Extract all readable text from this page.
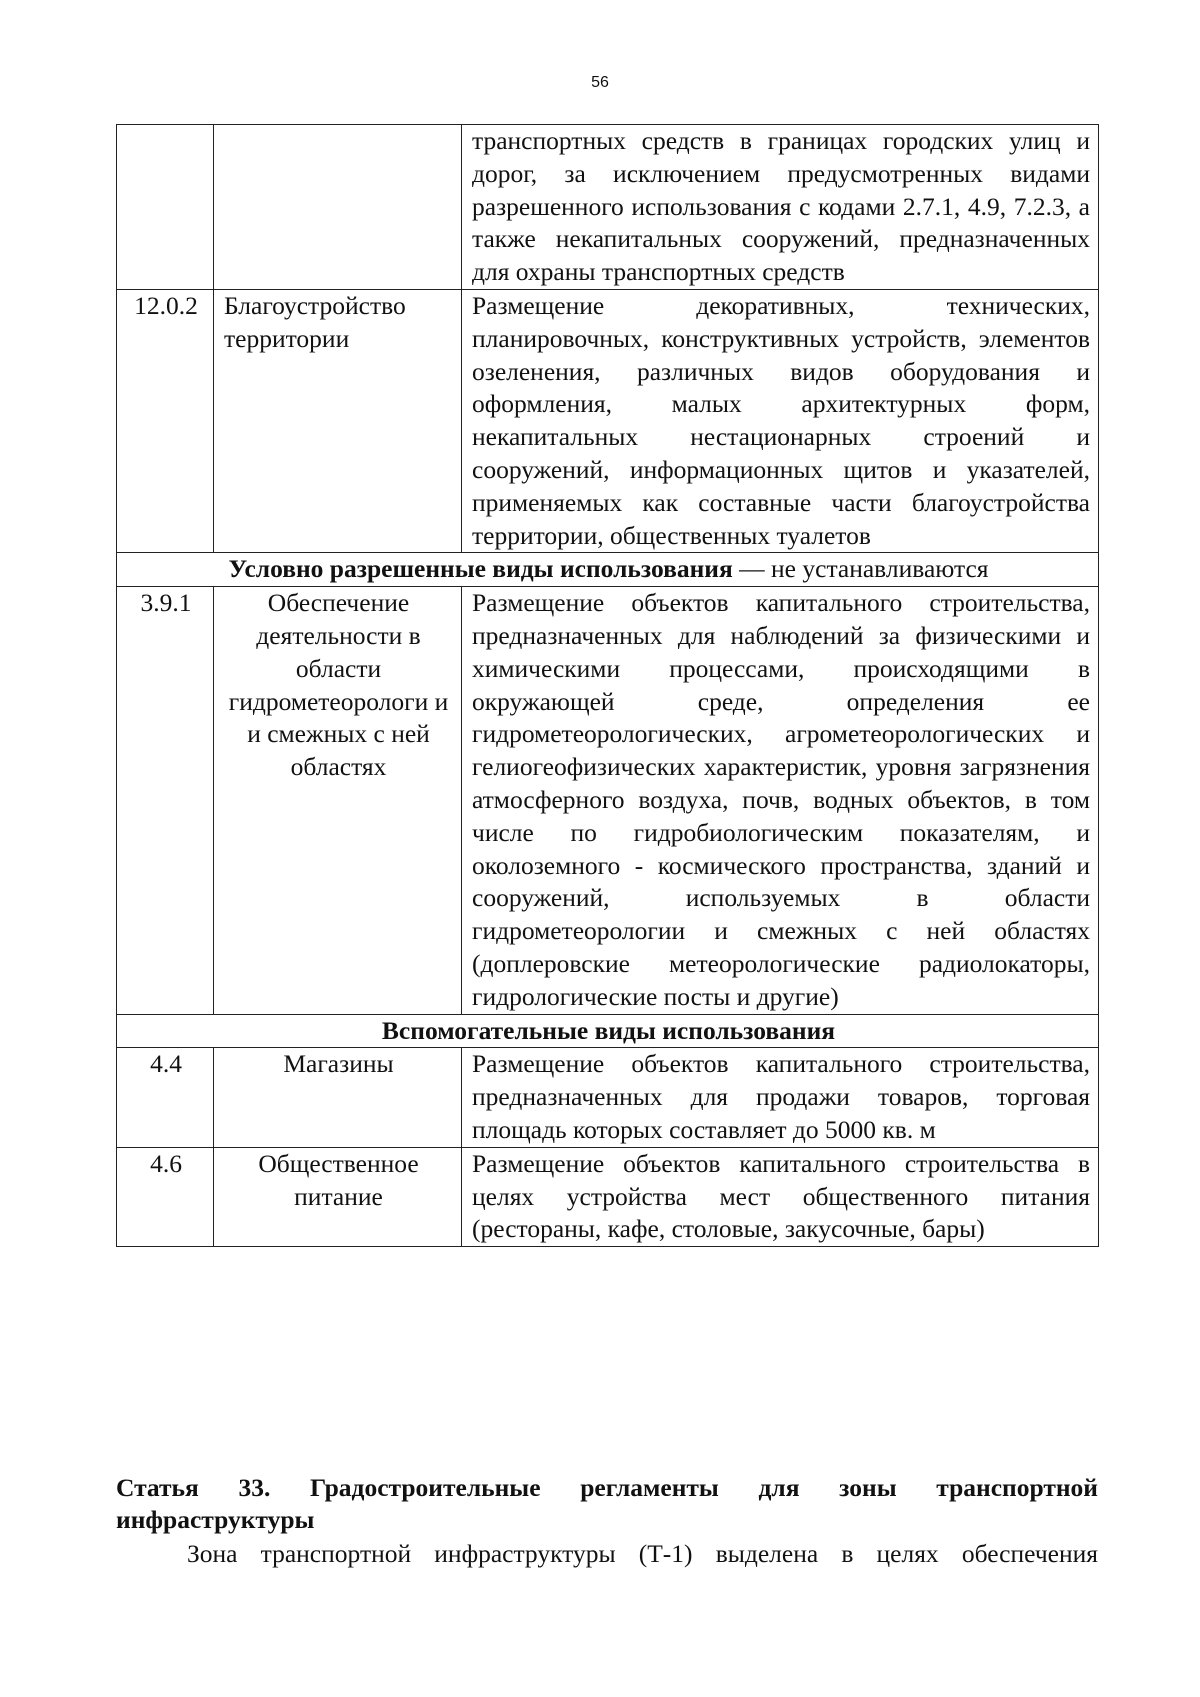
56
		транспортных средств в границах городских улиц и дорог, за исключением предусмотренных видами разрешенного использования с кодами 2.7.1, 4.9, 7.2.3, а также некапитальных сооружений, предназначенных для охраны транспортных средств
12.0.2	Благоустройство территории	Размещение декоративных, технических, планировочных, конструктивных устройств, элементов озеленения, различных видов оборудования и оформления, малых архитектурных форм, некапитальных нестационарных строений и сооружений, информационных щитов и указателей, применяемых как составные части благоустройства территории, общественных туалетов
Условно разрешенные виды использования — не устанавливаются		
3.9.1	Обеспечение деятельности в области гидрометеорологи и и смежных с ней областях	Размещение объектов капитального строительства, предназначенных для наблюдений за физическими и химическими процессами, происходящими в окружающей среде, определения ее гидрометеорологических, агрометеорологических и гелиогеофизических характеристик, уровня загрязнения атмосферного воздуха, почв, водных объектов, в том числе по гидробиологическим показателям, и околоземного - космического пространства, зданий и сооружений, используемых в области гидрометеорологии и смежных с ней областях (доплеровские метеорологические радиолокаторы, гидрологические посты и другие)
Вспомогательные виды использования		
4.4	Магазины	Размещение объектов капитального строительства, предназначенных для продажи товаров, торговая площадь которых составляет до 5000 кв. м
4.6	Общественное питание	Размещение объектов капитального строительства в целях устройства мест общественного питания (рестораны, кафе, столовые, закусочные, бары)

Статья 33. Градостроительные регламенты для зоны транспортной инфраструктуры

Зона транспортной инфраструктуры (Т-1) выделена в целях обеспечения
